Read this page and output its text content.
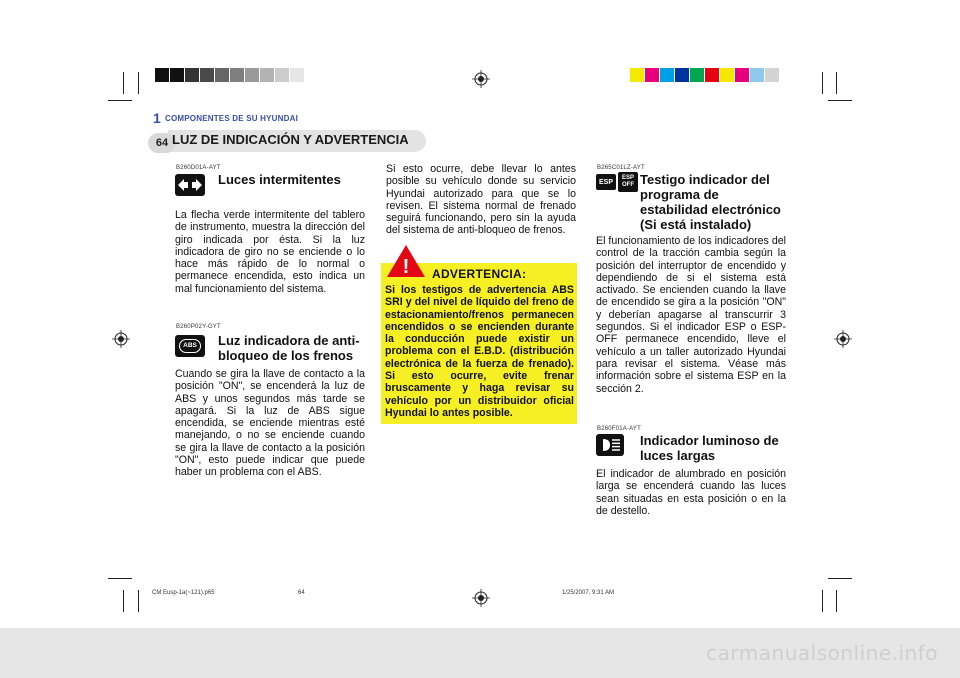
carmanualsonline.info
1 COMPONENTES DE SU HYUNDAI
64 LUZ DE INDICACIÓN Y ADVERTENCIA
B260D01A-AYT
Luces intermitentes
La flecha verde intermitente del tablero de instrumento, muestra la dirección del giro indicada por ésta. Si la luz indicadora de giro no se enciende o lo hace más rápido de lo normal o permanece encendida, esto indica un mal funcionamiento del sistema.
B260P02Y-GYT
ABS	Luz indicadora de anti-bloqueo de los frenos
Cuando se gira la llave de contacto a la posición "ON", se encenderá la luz de ABS y unos segundos más tarde se apagará. Si la luz de ABS sigue encendida, se enciende mientras esté manejando, o no se enciende cuando se gira la llave de contacto a la posición "ON", esto puede indicar que puede haber un problema con el ABS.
Si esto ocurre, debe llevar lo antes posible su vehículo donde su servicio Hyundai autorizado para que se lo revisen. El sistema normal de frenado seguirá funcionando, pero sin la ayuda del sistema de anti-bloqueo de frenos.
! ADVERTENCIA:
Si los testigos de advertencia ABS SRI y del nivel de líquido del freno de estacionamiento/frenos permanecen encendidos o se encienden durante la conducción puede existir un problema con el E.B.D. (distribución electrónica de la fuerza de frenado). Si esto ocurre, evite frenar bruscamente y haga revisar su vehículo por un distribuidor oficial Hyundai lo antes posible.
B265C01LZ-AYT
ESP
ESP
OFF Testigo indicador del programa de estabilidad electrónico (Si está instalado)
El funcionamiento de los indicadores del control de la tracción cambia según la posición del interruptor de encendido y dependiendo de si el sistema está activado. Se encienden cuando la llave de encendido se gira a la posición "ON" y deberían apagarse al transcurrir 3 segundos. Si el indicador ESP o ESP-OFF permanece encendido, lleve el vehículo a un taller autorizado Hyundai para revisar el sistema. Véase más información sobre el sistema ESP en la sección 2.
B260F01A-AYT
Indicador luminoso de luces largas
El indicador de alumbrado en posición larga se encenderá cuando las luces sean situadas en esta posición o en la de destello.
CM Eusp-1a(~121).p65	64	1/25/2007, 9:31 AM
